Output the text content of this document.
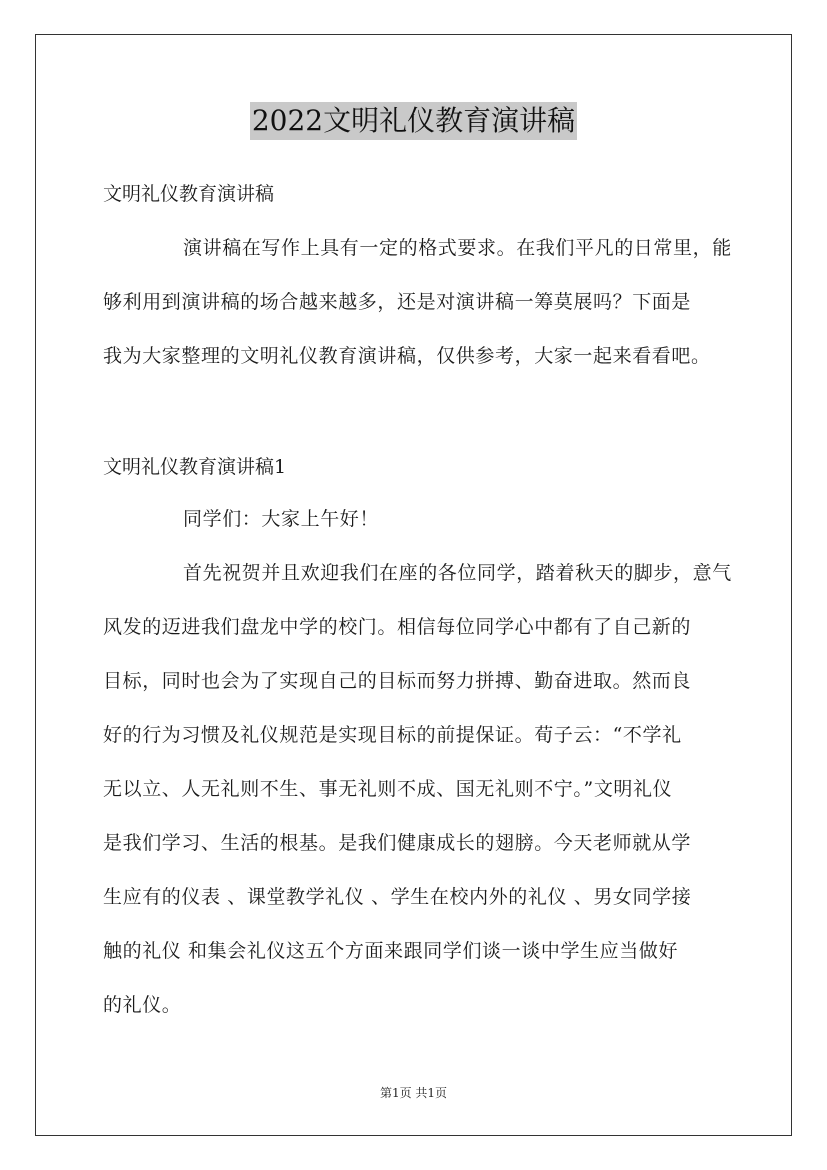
2022文明礼仪教育演讲稿
文明礼仪教育演讲稿
演讲稿在写作上具有一定的格式要求。在我们平凡的日常里，能
够利用到演讲稿的场合越来越多，还是对演讲稿一筹莫展吗？下面是
我为大家整理的文明礼仪教育演讲稿，仅供参考，大家一起来看看吧。
文明礼仪教育演讲稿1
同学们：大家上午好！
首先祝贺并且欢迎我们在座的各位同学，踏着秋天的脚步，意气
风发的迈进我们盘龙中学的校门。相信每位同学心中都有了自己新的
目标，同时也会为了实现自己的目标而努力拼搏、勤奋进取。然而良
好的行为习惯及礼仪规范是实现目标的前提保证。荀子云：“不学礼
无以立、人无礼则不生、事无礼则不成、国无礼则不宁。”文明礼仪
是我们学习、生活的根基。是我们健康成长的翅膀。今天老师就从学
生应有的仪表 、课堂教学礼仪 、学生在校内外的礼仪 、男女同学接
触的礼仪 和集会礼仪这五个方面来跟同学们谈一谈中学生应当做好
的礼仪。
第1页 共1页
